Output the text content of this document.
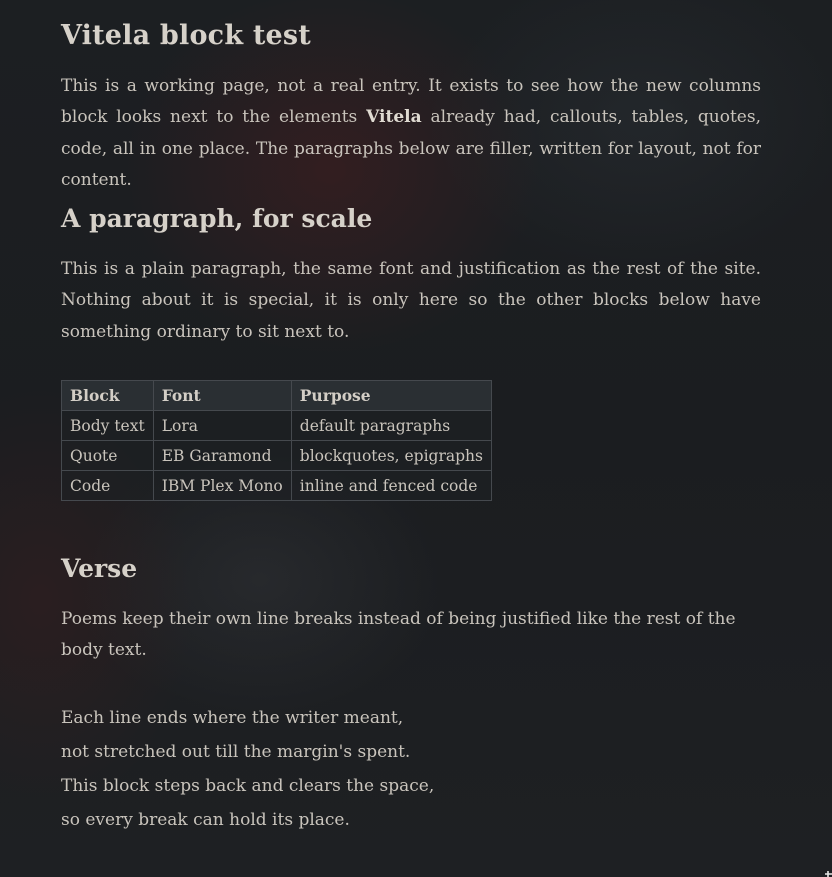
Vitela block test

This is a working page, not a real entry. It exists to see how the new columns block looks next to the elements Vitela already had, callouts, tables, quotes, code, all in one place. The paragraphs below are filler, written for layout, not for content.

A paragraph, for scale

This is a plain paragraph, the same font and justification as the rest of the site. Nothing about it is special, it is only here so the other blocks below have something ordinary to sit next to.

Block	Font	Purpose
Body text	Lora	default paragraphs
Quote	EB Garamond	blockquotes, epigraphs
Code	IBM Plex Mono	inline and fenced code
Verse

Poems keep their own line breaks instead of being justified like the rest of the body text.

Each line ends where the writer meant,
not stretched out till the margin's spent.
This block steps back and clears the space,
so every break can hold its place.
